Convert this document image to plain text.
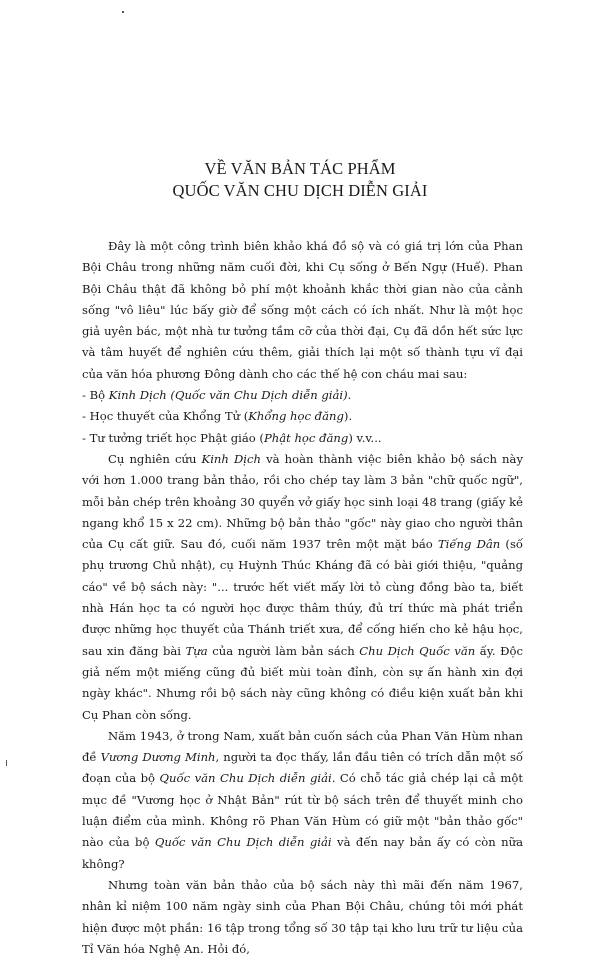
VỀ VĂN BẢN TÁC PHẨM
QUỐC VĂN CHU DỊCH DIỄN GIẢI

Đây là một công trình biên khảo khá đồ sộ và có giá trị lớn của Phan Bội Châu trong những năm cuối đời, khi Cụ sống ở Bến Ngự (Huế). Phan Bội Châu thật đã không bỏ phí một khoảnh khắc thời gian nào của cảnh sống "vô liêu" lúc bấy giờ để sống một cách có ích nhất. Như là một học giả uyên bác, một nhà tư tưởng tầm cỡ của thời đại, Cụ đã dồn hết sức lực và tâm huyết để nghiên cứu thêm, giải thích lại một số thành tựu vĩ đại của văn hóa phương Đông dành cho các thế hệ con cháu mai sau:

- Bộ Kinh Dịch (Quốc văn Chu Dịch diễn giải).

- Học thuyết của Khổng Tử (Khổng học đăng).

- Tư tưởng triết học Phật giáo (Phật học đăng) v.v...

Cụ nghiên cứu Kinh Dịch và hoàn thành việc biên khảo bộ sách này với hơn 1.000 trang bản thảo, rồi cho chép tay làm 3 bản "chữ quốc ngữ", mỗi bản chép trên khoảng 30 quyển vở giấy học sinh loại 48 trang (giấy kẻ ngang khổ 15 x 22 cm). Những bộ bản thảo "gốc" này giao cho người thân của Cụ cất giữ. Sau đó, cuối năm 1937 trên một mặt báo Tiếng Dân (số phụ trương Chủ nhật), cụ Huỳnh Thúc Kháng đã có bài giới thiệu, "quảng cáo" về bộ sách này: "... trước hết viết mấy lời tỏ cùng đồng bào ta, biết nhà Hán học ta có người học được thâm thúy, đủ trí thức mà phát triển được những học thuyết của Thánh triết xưa, để cống hiến cho kẻ hậu học, sau xin đăng bài Tựa của người làm bản sách Chu Dịch Quốc văn ấy. Độc giả nếm một miếng cũng đủ biết mùi toàn đỉnh, còn sự ấn hành xin đợi ngày khác". Nhưng rồi bộ sách này cũng không có điều kiện xuất bản khi Cụ Phan còn sống.

Năm 1943, ở trong Nam, xuất bản cuốn sách của Phan Văn Hùm nhan đề Vương Dương Minh, người ta đọc thấy, lần đầu tiên có trích dẫn một số đoạn của bộ Quốc văn Chu Dịch diễn giải. Có chỗ tác giả chép lại cả một mục đề "Vương học ở Nhật Bản" rút từ bộ sách trên để thuyết minh cho luận điểm của mình. Không rõ Phan Văn Hùm có giữ một "bản thảo gốc" nào của bộ Quốc văn Chu Dịch diễn giải và đến nay bản ấy có còn nữa không?

Nhưng toàn văn bản thảo của bộ sách này thì mãi đến năm 1967, nhân kỉ niệm 100 năm ngày sinh của Phan Bội Châu, chúng tôi mới phát hiện được một phần: 16 tập trong tổng số 30 tập tại kho lưu trữ tư liệu của Tỉ Văn hóa Nghệ An. Hỏi đó,
